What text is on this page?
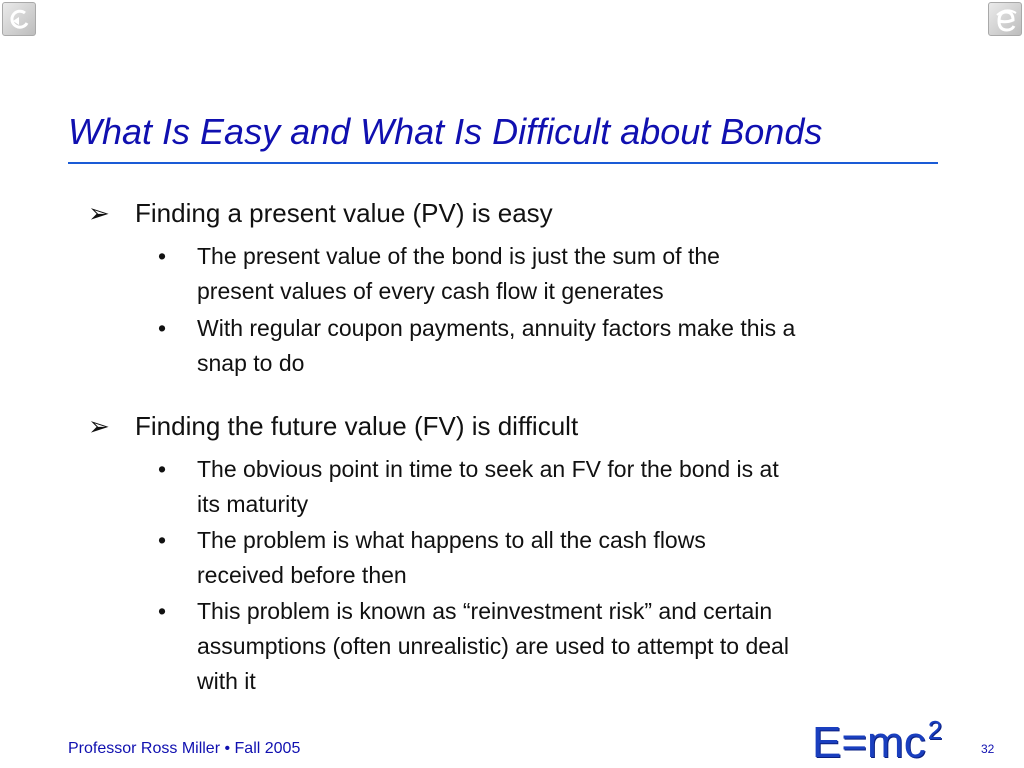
What Is Easy and What Is Difficult about Bonds
➢ Finding a present value (PV) is easy
•	The present value of the bond is just the sum of the
present values of every cash flow it generates
•	With regular coupon payments, annuity factors make this a
snap to do
➢ Finding the future value (FV) is difficult
•	The obvious point in time to seek an FV for the bond is at
its maturity
•	The problem is what happens to all the cash flows
received before then
•	This problem is known as “reinvestment risk” and certain
assumptions (often unrealistic) are used to attempt to deal
with it
Professor Ross Miller • Fall 2005	$E=mc^2$
32
